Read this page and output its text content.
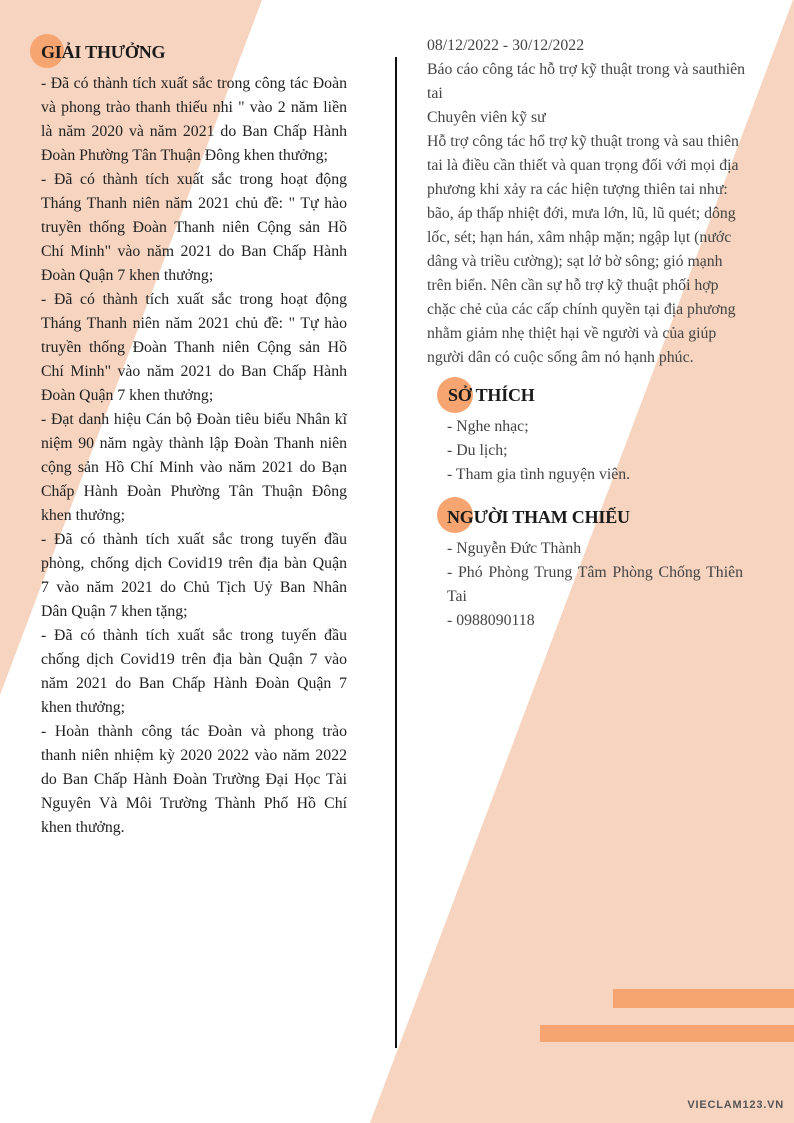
GIẢI THƯỞNG
- Đã có thành tích xuất sắc trong công tác Đoàn
và phong trào thanh thiếu nhi " vào 2 năm liền
là năm 2020 và năm 2021 do Ban Chấp Hành
Đoàn Phường Tân Thuận Đông khen thưởng;
- Đã có thành tích xuất sắc trong hoạt động
Tháng Thanh niên năm 2021 chủ đề: " Tự hào
truyền thống Đoàn Thanh niên Cộng sản Hồ
Chí Minh" vào năm 2021 do Ban Chấp Hành
Đoàn Quận 7 khen thưởng;
- Đã có thành tích xuất sắc trong hoạt động
Tháng Thanh niên năm 2021 chủ đề: " Tự hào
truyền thống Đoàn Thanh niên Cộng sản Hồ
Chí Minh" vào năm 2021 do Ban Chấp Hành
Đoàn Quận 7 khen thưởng;
- Đạt danh hiệu Cán bộ Đoàn tiêu biểu Nhân kĩ
niệm 90 năm ngày thành lập Đoàn Thanh niên
cộng sản Hồ Chí Minh vào năm 2021 do Bạn
Chấp Hành Đoàn Phường Tân Thuận Đông
khen thưởng;
- Đã có thành tích xuất sắc trong tuyến đầu
phòng, chống dịch Covid19 trên địa bàn Quận
7 vào năm 2021 do Chủ Tịch Uỷ Ban Nhân
Dân Quận 7 khen tặng;
- Đã có thành tích xuất sắc trong tuyến đầu
chống dịch Covid19 trên địa bàn Quận 7 vào
năm 2021 do Ban Chấp Hành Đoàn Quận 7
khen thưởng;
- Hoàn thành công tác Đoàn và phong trào
thanh niên nhiệm kỳ 2020 2022 vào năm 2022
do Ban Chấp Hành Đoàn Trường Đại Học Tài
Nguyên Và Môi Trường Thành Phố Hồ Chí
khen thưởng.
08/12/2022 - 30/12/2022
Báo cáo công tác hỗ trợ kỹ thuật trong và sauthiên
tai
Chuyên viên kỹ sư
Hỗ trợ công tác hổ trợ kỹ thuật trong và sau thiên
tai là điều cần thiết và quan trọng đối với mọi địa
phương khi xảy ra các hiện tượng thiên tai như:
bão, áp thấp nhiệt đới, mưa lớn, lũ, lũ quét; dông
lốc, sét; hạn hán, xâm nhập mặn; ngập lụt (nước
dâng và triều cường); sạt lở bờ sông; gió mạnh
trên biển. Nên cần sự hỗ trợ kỹ thuật phối hợp
chặc chẻ của các cấp chính quyền tại địa phương
nhằm giảm nhẹ thiệt hại về người và của giúp
người dân có cuộc sống âm nó hạnh phúc.
SỞ THÍCH
- Nghe nhạc;
- Du lịch;
- Tham gia tình nguyện viên.
NGƯỜI THAM CHIẾU
- Nguyễn Đức Thành
- Phó Phòng Trung Tâm Phòng Chống Thiên
Tai
- 0988090118
VIECLAM123.VN
